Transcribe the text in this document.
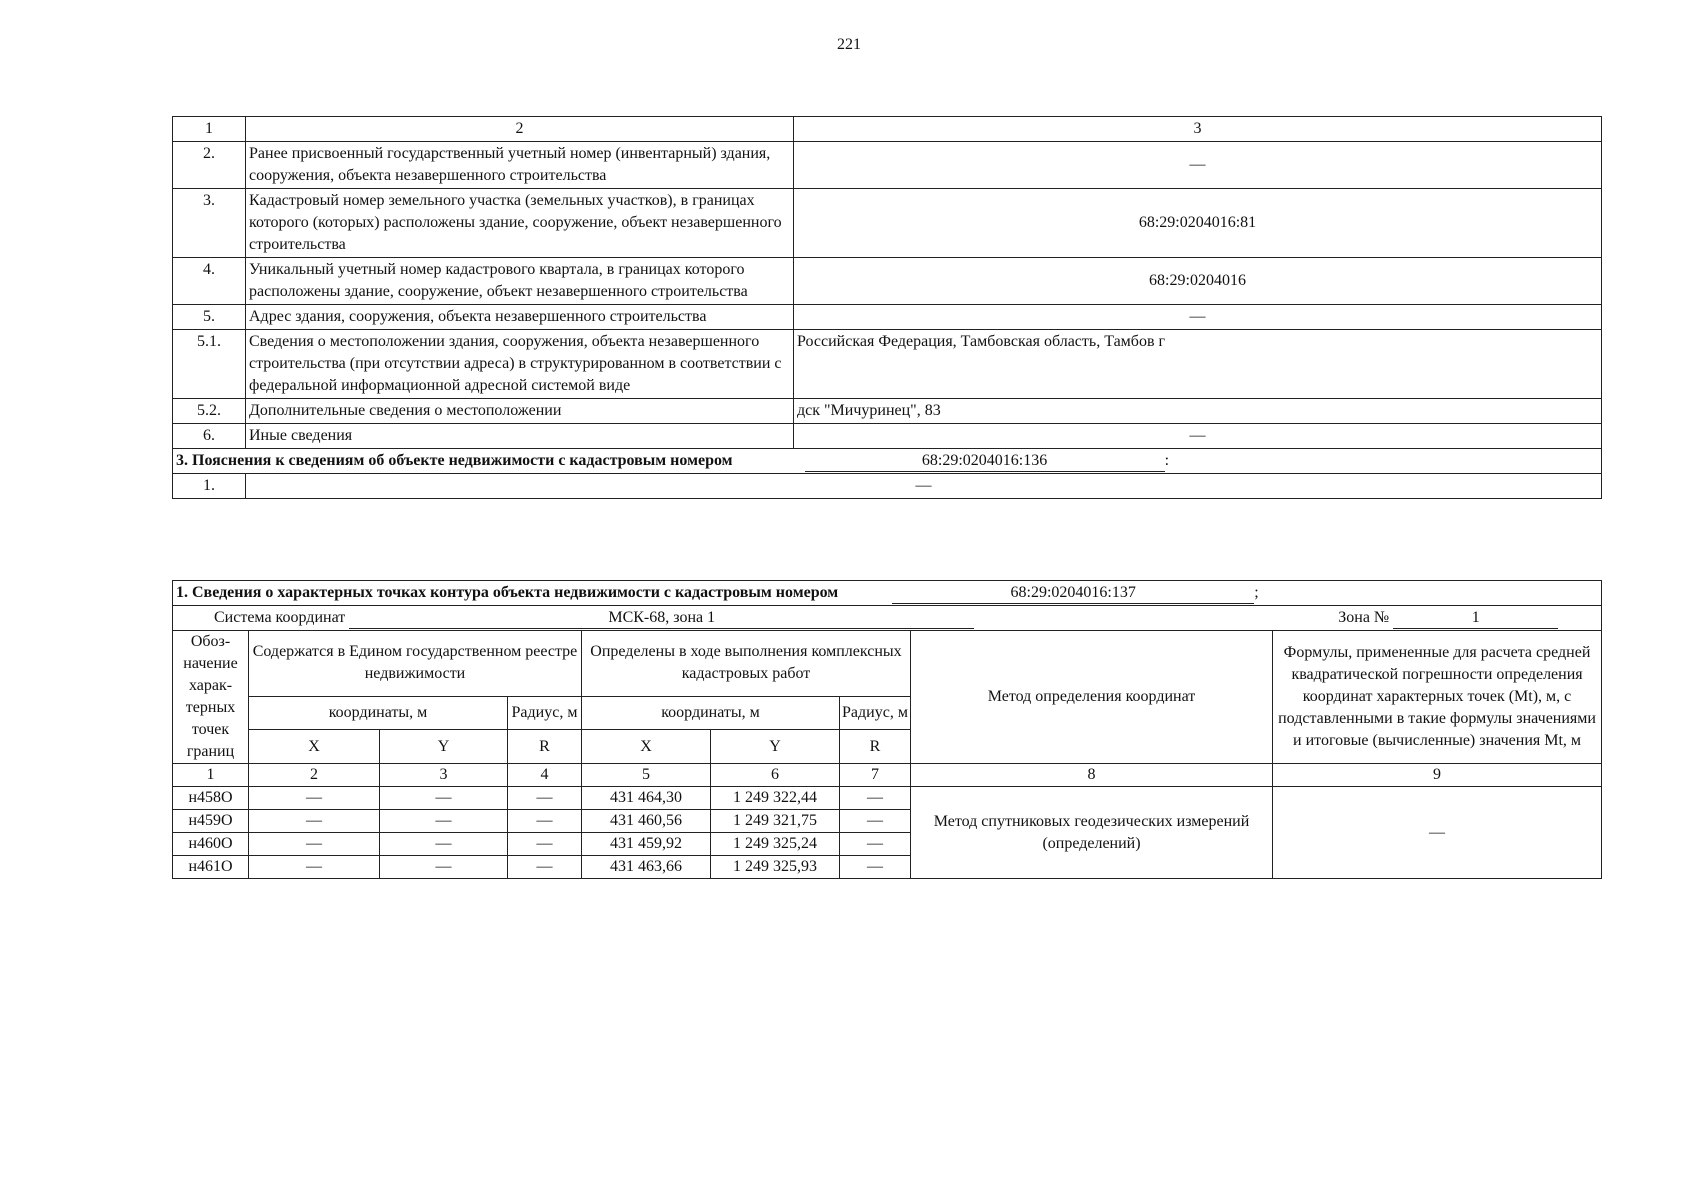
221
1	2	3
2.	Ранее присвоенный государственный учетный номер (инвентарный) здания, сооружения, объекта незавершенного строительства	—
3.	Кадастровый номер земельного участка (земельных участков), в границах которого (которых) расположены здание, сооружение, объект незавершенного строительства	68:29:0204016:81
4.	Уникальный учетный номер кадастрового квартала, в границах которого расположены здание, сооружение, объект незавершенного строительства	68:29:0204016
5.	Адрес здания, сооружения, объекта незавершенного строительства	—
5.1.	Сведения о местоположении здания, сооружения, объекта незавершенного строительства (при отсутствии адреса) в структурированном в соответствии с федеральной информационной адресной системой виде	Российская Федерация, Тамбовская область, Тамбов г
5.2.	Дополнительные сведения о местоположении	дск "Мичуринец", 83
6.	Иные сведения	—
3. Пояснения к сведениям об объекте недвижимости с кадастровым номером 68:29:0204016:136 :		
1.	—	
1. Сведения о характерных точках контура объекта недвижимости с кадастровым номером 68:29:0204016:137 ;								
Система координат МСК-68, зона 1 Зона № 1								
Обоз-начение харак-терных точек границ	Содержатся в Едином государственном реестре недвижимости			Определены в ходе выполнения комплексных кадастровых работ			Метод определения координат	Формулы, примененные для расчета средней квадратической погрешности определения координат характерных точек (Mt), м, с подставленными в такие формулы значениями и итоговые (вычисленные) значения Mt, м
	координаты, м		Радиус, м	координаты, м		Радиус, м		
	X	Y	R	X	Y	R		
1	2	3	4	5	6	7	8	9
н458О	—	—	—	431 464,30	1 249 322,44	—	Метод спутниковых геодезических измерений (определений)	—
н459О	—	—	—	431 460,56	1 249 321,75	—		
н460О	—	—	—	431 459,92	1 249 325,24	—		
н461О	—	—	—	431 463,66	1 249 325,93	—		
